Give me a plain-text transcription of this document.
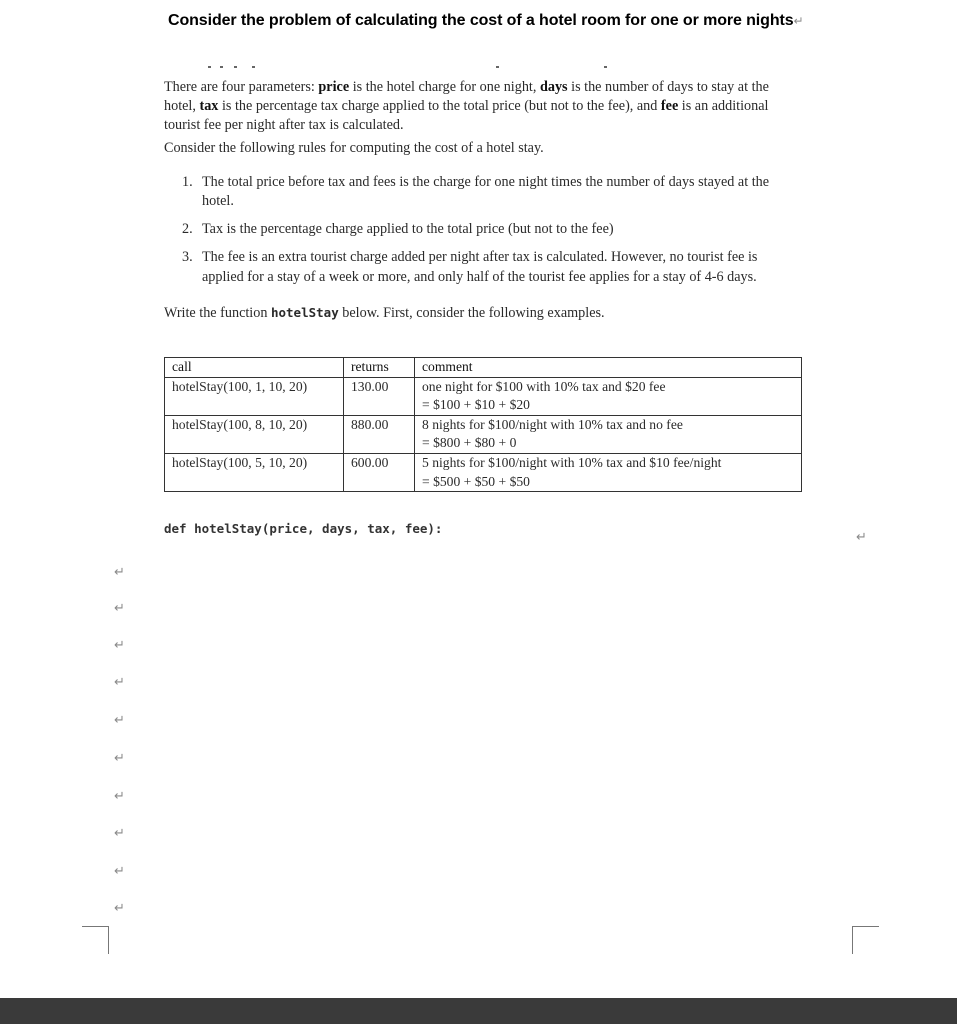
Consider the problem of calculating the cost of a hotel room for one or more nights↵

There are four parameters: price is the hotel charge for one night, days is the number of days to stay at the hotel, tax is the percentage tax charge applied to the total price (but not to the fee), and fee is an additional tourist fee per night after tax is calculated.

Consider the following rules for computing the cost of a hotel stay.

1. The total price before tax and fees is the charge for one night times the number of days stayed at the hotel.
2. Tax is the percentage charge applied to the total price (but not to the fee)
3. The fee is an extra tourist charge added per night after tax is calculated. However, no tourist fee is applied for a stay of a week or more, and only half of the tourist fee applies for a stay of 4-6 days.

Write the function hotelStay below. First, consider the following examples.

call	returns	comment
hotelStay(100, 1, 10, 20)	130.00	one night for $100 with 10% tax and $20 fee
= $100 + $10 + $20

hotelStay(100, 8, 10, 20)	880.00	8 nights for $100/night with 10% tax and no fee
= $800 + $80 + 0

hotelStay(100, 5, 10, 20)	600.00	5 nights for $100/night with 10% tax and $10 fee/night
= $500 + $50 + $50
def hotelStay(price, days, tax, fee):
↵
↵
↵
↵
↵
↵
↵
↵
↵
↵
↵
